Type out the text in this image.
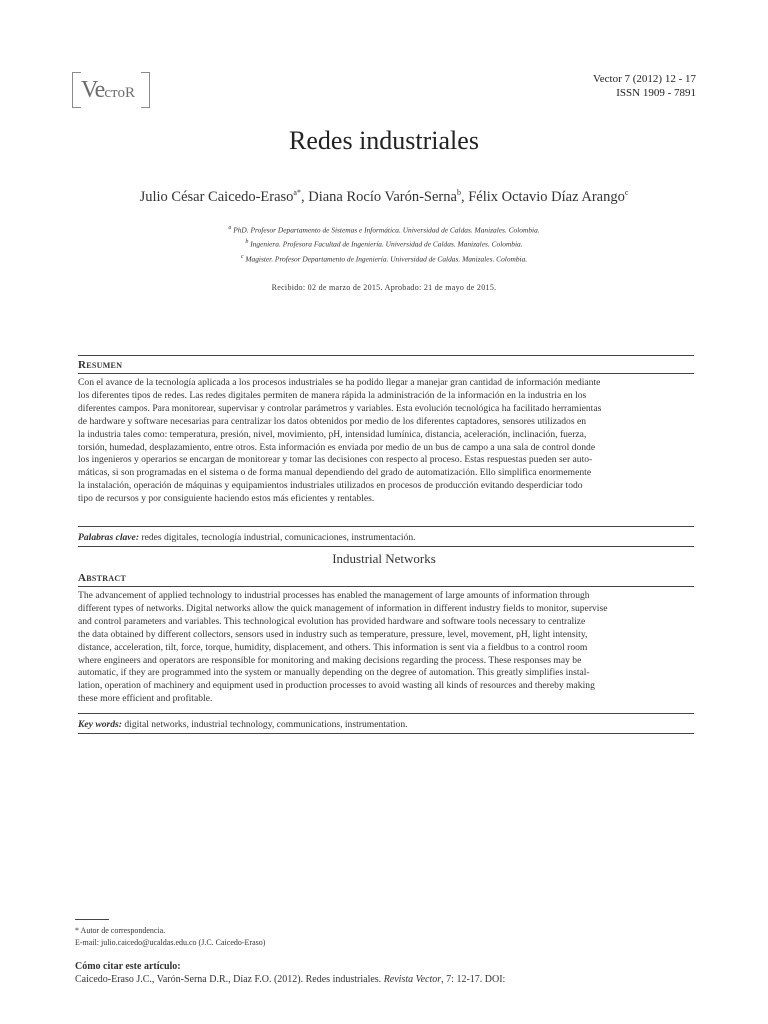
VecтoR
Vector 7 (2012) 12 - 17
ISSN 1909 - 7891
Redes industriales
Julio César Caicedo-Eraso$^{a*}$, Diana Rocío Varón-Serna$^b$, Félix Octavio Díaz Arango$^c$
$^a$ PhD. Profesor Departamento de Sistemas e Informática. Universidad de Caldas. Manizales. Colombia.
$^b$ Ingeniera. Profesora Facultad de Ingeniería. Universidad de Caldas. Manizales. Colombia.
$^c$ Magister. Profesor Departamento de Ingeniería. Universidad de Caldas. Manizales. Colombia.
Recibido: 02 de marzo de 2015. Aprobado: 21 de mayo de 2015.
Resumen
Con el avance de la tecnología aplicada a los procesos industriales se ha podido llegar a manejar gran cantidad de información mediante
los diferentes tipos de redes. Las redes digitales permiten de manera rápida la administración de la información en la industria en los
diferentes campos. Para monitorear, supervisar y controlar parámetros y variables. Esta evolución tecnológica ha facilitado herramientas
de hardware y software necesarias para centralizar los datos obtenidos por medio de los diferentes captadores, sensores utilizados en
la industria tales como: temperatura, presión, nivel, movimiento, pH, intensidad lumínica, distancia, aceleración, inclinación, fuerza,
torsión, humedad, desplazamiento, entre otros. Esta información es enviada por medio de un bus de campo a una sala de control donde
los ingenieros y operarios se encargan de monitorear y tomar las decisiones con respecto al proceso. Estas respuestas pueden ser auto-
máticas, si son programadas en el sistema o de forma manual dependiendo del grado de automatización. Ello simplifica enormemente
la instalación, operación de máquinas y equipamientos industriales utilizados en procesos de producción evitando desperdiciar todo
tipo de recursos y por consiguiente haciendo estos más eficientes y rentables.
Palabras clave: redes digitales, tecnología industrial, comunicaciones, instrumentación.
Industrial Networks
Abstract
The advancement of applied technology to industrial processes has enabled the management of large amounts of information through
different types of networks. Digital networks allow the quick management of information in different industry fields to monitor, supervise
and control parameters and variables. This technological evolution has provided hardware and software tools necessary to centralize
the data obtained by different collectors, sensors used in industry such as temperature, pressure, level, movement, pH, light intensity,
distance, acceleration, tilt, force, torque, humidity, displacement, and others. This information is sent via a fieldbus to a control room
where engineers and operators are responsible for monitoring and making decisions regarding the process. These responses may be
automatic, if they are programmed into the system or manually depending on the degree of automation. This greatly simplifies instal-
lation, operation of machinery and equipment used in production processes to avoid wasting all kinds of resources and thereby making
these more efficient and profitable.
Key words: digital networks, industrial technology, communications, instrumentation.
* Autor de correspondencia.
E-mail: julio.caicedo@ucaldas.edu.co (J.C. Caicedo-Eraso)
Cómo citar este artículo:
Caicedo-Eraso J.C., Varón-Serna D.R., Díaz F.O. (2012). Redes industriales. Revista Vector, 7: 12-17. DOI:
